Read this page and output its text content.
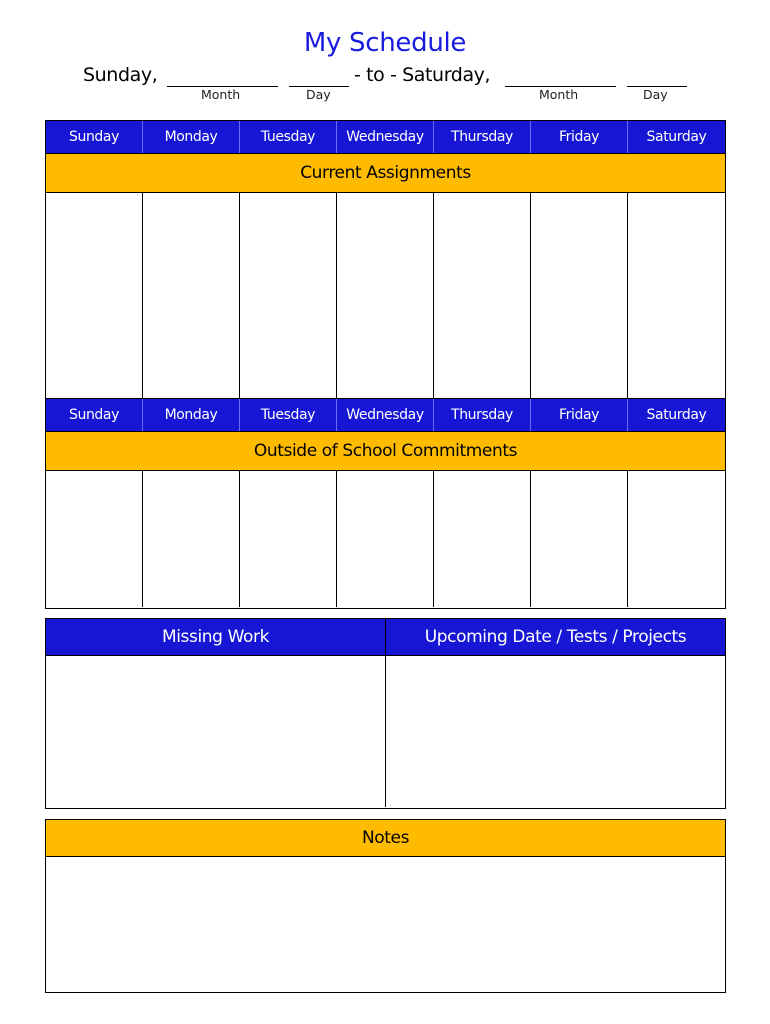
My Schedule
Sunday,	- to - Saturday,
Month	Day	Month	Day
Sunday	Monday	Tuesday	Wednesday	Thursday	Friday	Saturday
Current Assignments
Sunday	Monday	Tuesday	Wednesday	Thursday	Friday	Saturday
Outside of School Commitments
Missing Work	Upcoming Date / Tests / Projects
Notes
